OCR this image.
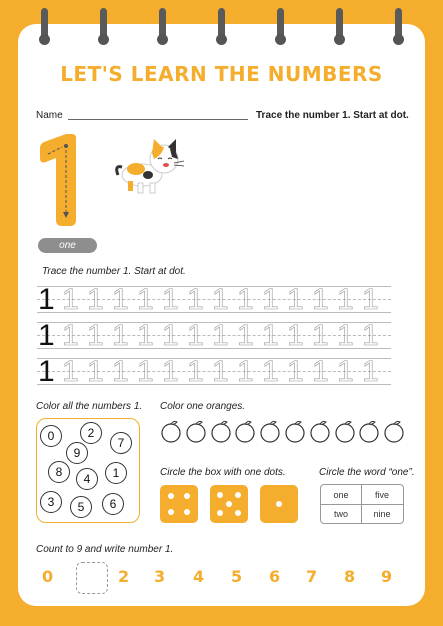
LET'S LEARN THE NUMBERS
Name	Trace the number 1. Start at dot.
one
Trace the number 1. Start at dot.
1 1 1 1 1 1 1 1 1 1 1 1 1 1
1 1 1 1 1 1 1 1 1 1 1 1 1 1
1 1 1 1 1 1 1 1 1 1 1 1 1 1
Color all the numbers 1.
0	2
7
9
8	4	1
3	5	6
Color one oranges.
Circle the box with one dots.	Circle the word “one”.
one	five
two	nine
Count to 9 and write number 1.
0	2 3 4 5 6 7 8 9
